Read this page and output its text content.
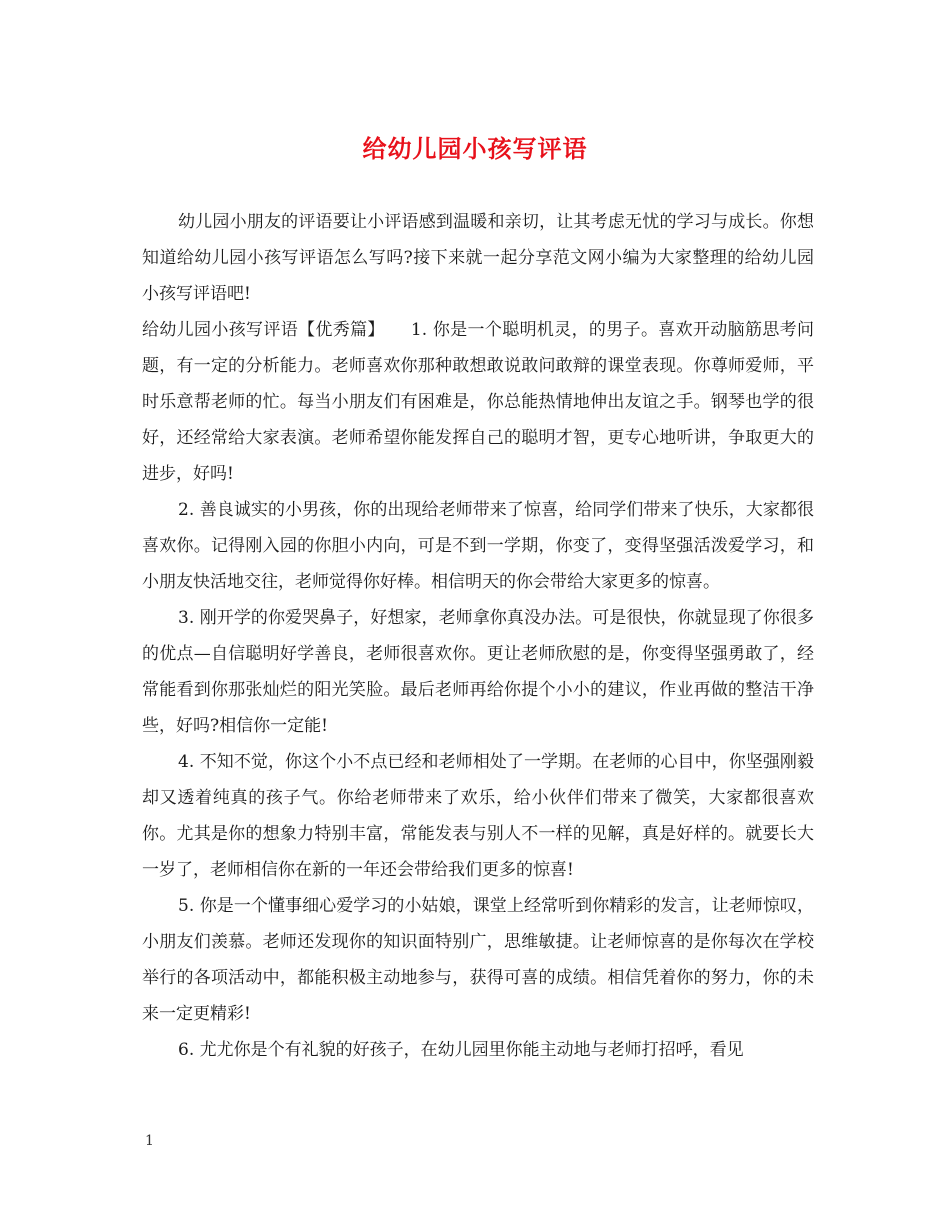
给幼儿园小孩写评语

幼儿园小朋友的评语要让小评语感到温暖和亲切，让其考虑无忧的学习与成长。你想知道给幼儿园小孩写评语怎么写吗?接下来就一起分享范文网小编为大家整理的给幼儿园小孩写评语吧!

给幼儿园小孩写评语【优秀篇】　　1. 你是一个聪明机灵，的男子。喜欢开动脑筋思考问题，有一定的分析能力。老师喜欢你那种敢想敢说敢问敢辩的课堂表现。你尊师爱师，平时乐意帮老师的忙。每当小朋友们有困难是，你总能热情地伸出友谊之手。钢琴也学的很好，还经常给大家表演。老师希望你能发挥自己的聪明才智，更专心地听讲，争取更大的进步，好吗!

2. 善良诚实的小男孩，你的出现给老师带来了惊喜，给同学们带来了快乐，大家都很喜欢你。记得刚入园的你胆小内向，可是不到一学期，你变了，变得坚强活泼爱学习，和小朋友快活地交往，老师觉得你好棒。相信明天的你会带给大家更多的惊喜。

3. 刚开学的你爱哭鼻子，好想家，老师拿你真没办法。可是很快，你就显现了你很多的优点—自信聪明好学善良，老师很喜欢你。更让老师欣慰的是，你变得坚强勇敢了，经常能看到你那张灿烂的阳光笑脸。最后老师再给你提个小小的建议，作业再做的整洁干净些，好吗?相信你一定能!

4. 不知不觉，你这个小不点已经和老师相处了一学期。在老师的心目中，你坚强刚毅却又透着纯真的孩子气。你给老师带来了欢乐，给小伙伴们带来了微笑，大家都很喜欢你。尤其是你的想象力特别丰富，常能发表与别人不一样的见解，真是好样的。就要长大一岁了，老师相信你在新的一年还会带给我们更多的惊喜!

5. 你是一个懂事细心爱学习的小姑娘，课堂上经常听到你精彩的发言，让老师惊叹，小朋友们羡慕。老师还发现你的知识面特别广，思维敏捷。让老师惊喜的是你每次在学校举行的各项活动中，都能积极主动地参与，获得可喜的成绩。相信凭着你的努力，你的未来一定更精彩!

6. 尤尤你是个有礼貌的好孩子，在幼儿园里你能主动地与老师打招呼，看见

1
